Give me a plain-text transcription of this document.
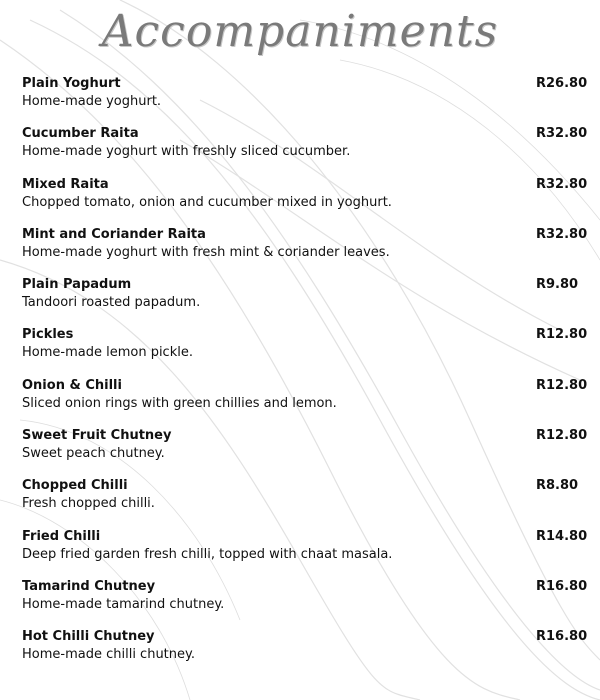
Accompaniments
Plain Yoghurt
Home-made yoghurt.
R26.80
Cucumber Raita
Home-made yoghurt with freshly sliced cucumber.
R32.80
Mixed Raita
Chopped tomato, onion and cucumber mixed in yoghurt.
R32.80
Mint and Coriander Raita
Home-made yoghurt with fresh mint & coriander leaves.
R32.80
Plain Papadum
Tandoori roasted papadum.
R9.80
Pickles
Home-made lemon pickle.
R12.80
Onion & Chilli
Sliced onion rings with green chillies and lemon.
R12.80
Sweet Fruit Chutney
Sweet peach chutney.
R12.80
Chopped Chilli
Fresh chopped chilli.
R8.80
Fried Chilli
Deep fried garden fresh chilli, topped with chaat masala.
R14.80
Tamarind Chutney
Home-made tamarind chutney.
R16.80
Hot Chilli Chutney
Home-made chilli chutney.
R16.80
